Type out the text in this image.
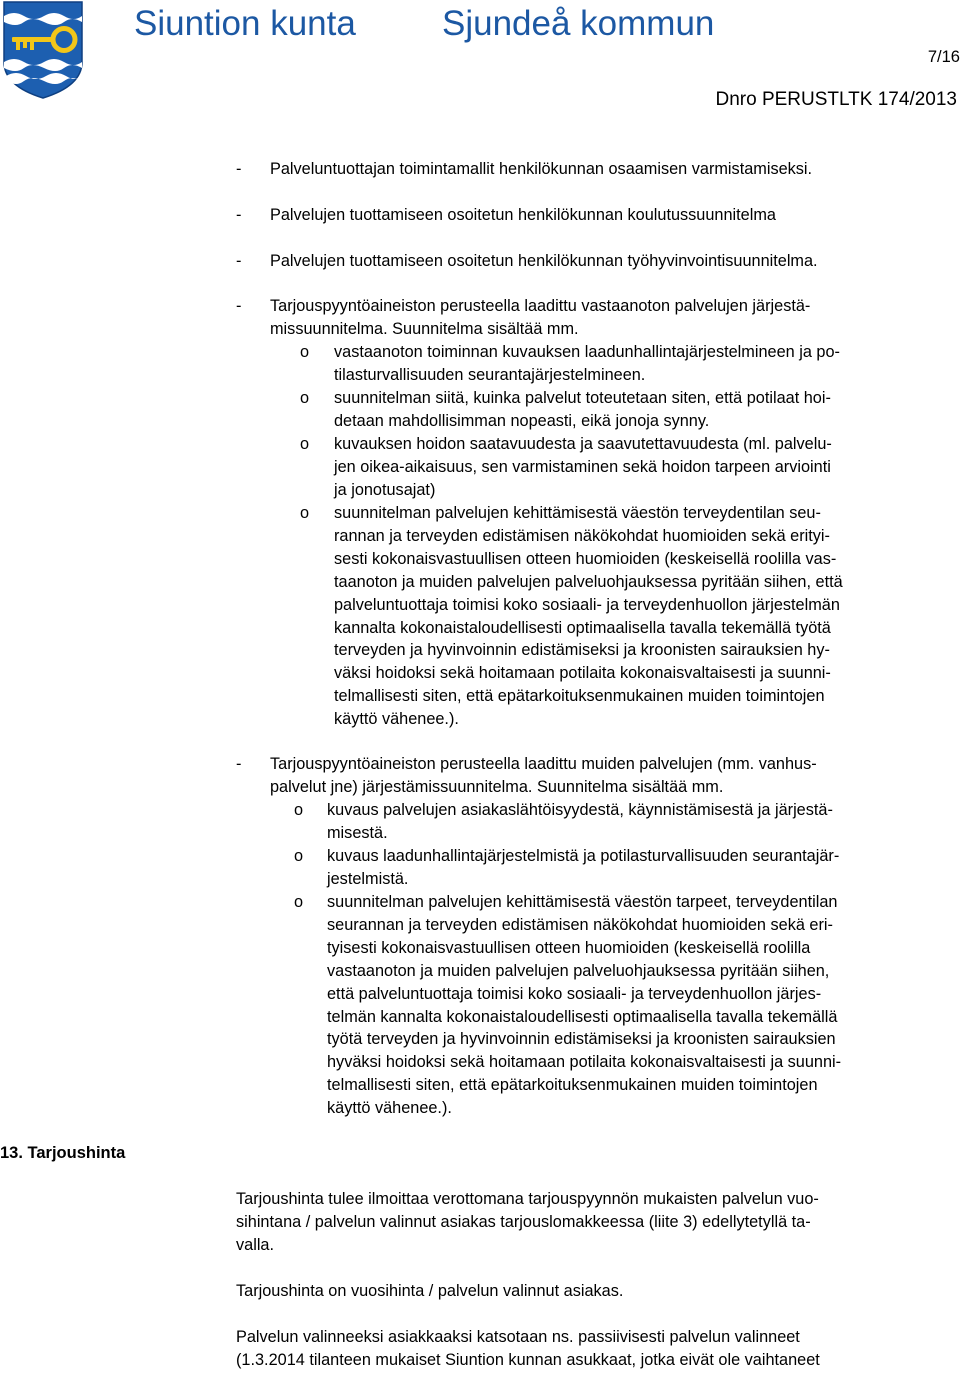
Siuntion kunta Sjundeå kommun
7/16
Dnro PERUSTLTK 174/2013
-	Palveluntuottajan toimintamallit henkilökunnan osaamisen varmistamiseksi.
-	Palvelujen tuottamiseen osoitetun henkilökunnan koulutussuunnitelma
-	Palvelujen tuottamiseen osoitetun henkilökunnan työhyvinvointisuunnitelma.
-	Tarjouspyyntöaineiston perusteella laadittu vastaanoton palvelujen järjestä-
missuunnitelma. Suunnitelma sisältää mm.
o vastaanoton toiminnan kuvauksen laadunhallintajärjestelmineen ja po-
tilasturvallisuuden seurantajärjestelmineen.
o suunnitelman siitä, kuinka palvelut toteutetaan siten, että potilaat hoi-
detaan mahdollisimman nopeasti, eikä jonoja synny.
o kuvauksen hoidon saatavuudesta ja saavutettavuudesta (ml. palvelu-
jen oikea-aikaisuus, sen varmistaminen sekä hoidon tarpeen arviointi
ja jonotusajat)
o suunnitelman palvelujen kehittämisestä väestön terveydentilan seu-
rannan ja terveyden edistämisen näkökohdat huomioiden sekä erityi-
sesti kokonaisvastuullisen otteen huomioiden (keskeisellä roolilla vas-
taanoton ja muiden palvelujen palveluohjauksessa pyritään siihen, että
palveluntuottaja toimisi koko sosiaali- ja terveydenhuollon järjestelmän
kannalta kokonaistaloudellisesti optimaalisella tavalla tekemällä työtä
terveyden ja hyvinvoinnin edistämiseksi ja kroonisten sairauksien hy-
väksi hoidoksi sekä hoitamaan potilaita kokonaisvaltaisesti ja suunni-
telmallisesti siten, että epätarkoituksenmukainen muiden toimintojen
käyttö vähenee.).
-	Tarjouspyyntöaineiston perusteella laadittu muiden palvelujen (mm. vanhus-
palvelut jne) järjestämissuunnitelma. Suunnitelma sisältää mm.
o kuvaus palvelujen asiakaslähtöisyydestä, käynnistämisestä ja järjestä-
misestä.
o kuvaus laadunhallintajärjestelmistä ja potilasturvallisuuden seurantajär-
jestelmistä.
o suunnitelman palvelujen kehittämisestä väestön tarpeet, terveydentilan
seurannan ja terveyden edistämisen näkökohdat huomioiden sekä eri-
tyisesti kokonaisvastuullisen otteen huomioiden (keskeisellä roolilla
vastaanoton ja muiden palvelujen palveluohjauksessa pyritään siihen,
että palveluntuottaja toimisi koko sosiaali- ja terveydenhuollon järjes-
telmän kannalta kokonaistaloudellisesti optimaalisella tavalla tekemällä
työtä terveyden ja hyvinvoinnin edistämiseksi ja kroonisten sairauksien
hyväksi hoidoksi sekä hoitamaan potilaita kokonaisvaltaisesti ja suunni-
telmallisesti siten, että epätarkoituksenmukainen muiden toimintojen
käyttö vähenee.).
13. Tarjoushinta
Tarjoushinta tulee ilmoittaa verottomana tarjouspyynnön mukaisten palvelun vuo-
sihintana / palvelun valinnut asiakas tarjouslomakkeessa (liite 3) edellytetyllä ta-
valla.
Tarjoushinta on vuosihinta / palvelun valinnut asiakas.
Palvelun valinneeksi asiakkaaksi katsotaan ns. passiivisesti palvelun valinneet
(1.3.2014 tilanteen mukaiset Siuntion kunnan asukkaat, jotka eivät ole vaihtaneet
